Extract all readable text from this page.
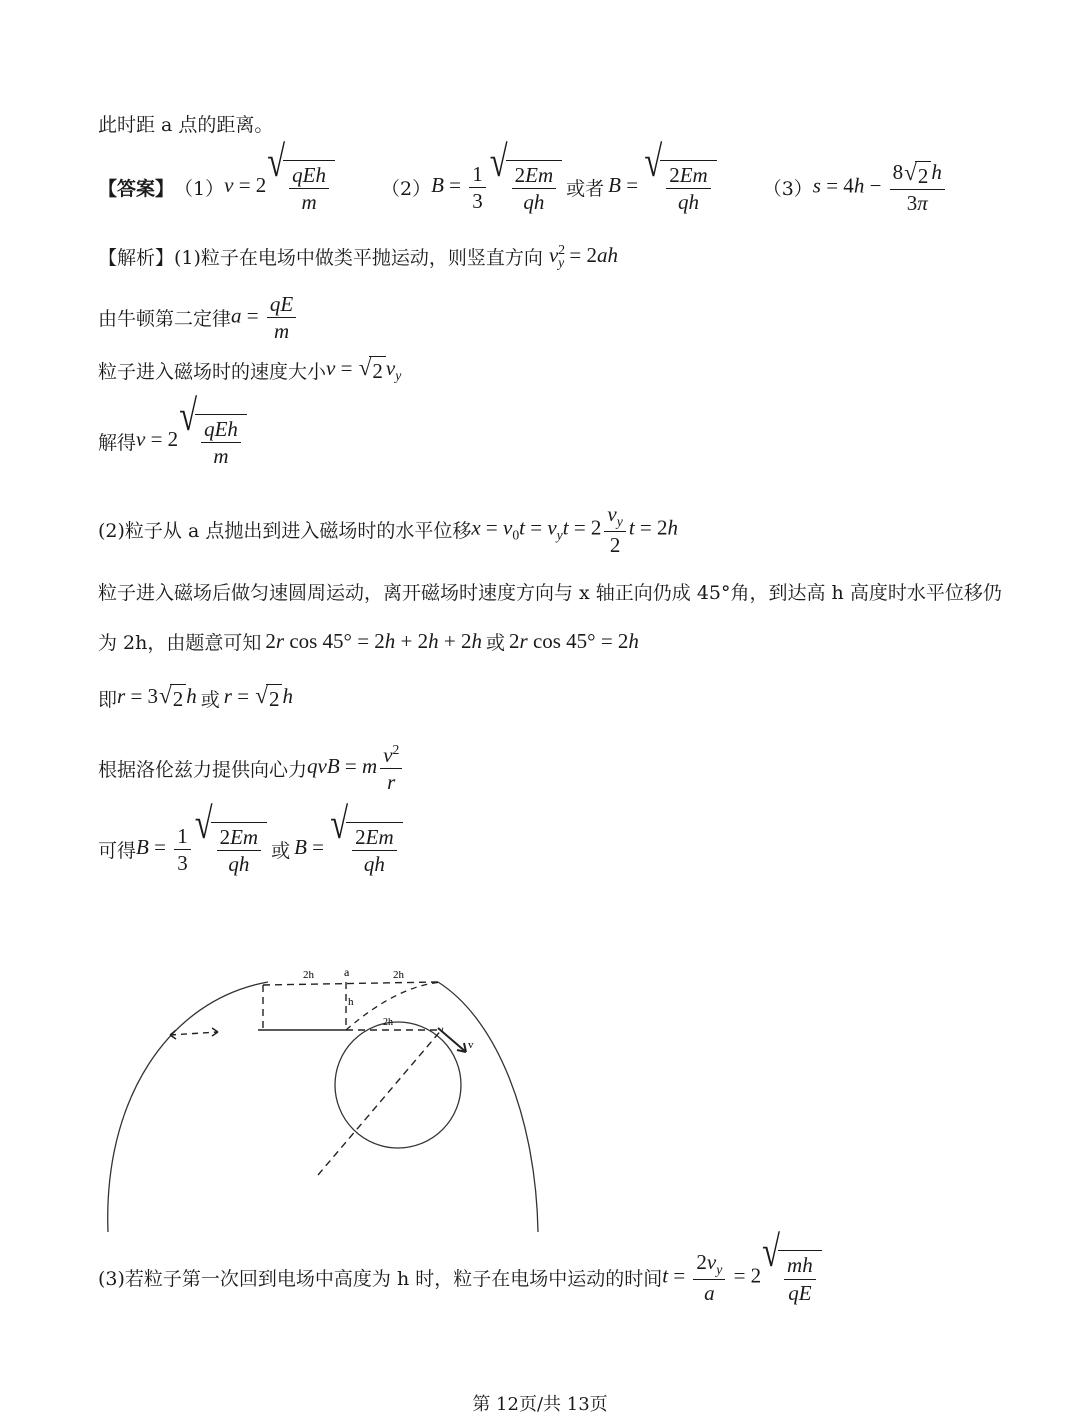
此时距 a 点的距离。
【答案】 （1） v = 2 √
$\frac{\text{qEh}}{m}$	（2） $B = \frac{1}{3}$ √
$\frac{2Em}{qh}$ 或者 B = √
$\frac{2Em}{qh}$	（3） $s = 4h - \frac{8 √ 2 h}{3\pi}$
【解析】 (1)粒子在电场中做类平抛运动，则竖直方向 $v^2_y = 2ah$
由牛顿第二定律 $a = \frac{qE}{m}$
粒子进入磁场时的速度大小 v = √ 2 $v_y$
解得 v = 2 √
$\frac{\text{qEh}}{m}$
(2)粒子从 a 点抛出到进入磁场时的水平位移 $x = v_0t = v_yt = 2 \frac{v_y}{2}$ t = 2h
粒子进入磁场后做匀速圆周运动，离开磁场时速度方向与 x 轴正向仍成 45°角，到达高 h 高度时水平位移仍
为 2h，由题意可知 2r cos 45° = 2h + 2h + 2h 或 2r cos 45° = 2h
即 r = 3 √ 2 h 或 r = √ 2 h
根据洛伦兹力提供向心力 qvB = m $\frac{v^2}{r}$
可得 $B = \frac{1}{3}$ √
$\frac{2Em}{qh}$ 或 B = √
$\frac{2Em}{qh}$
2h	a	2h
h
2h
v
(3)若粒子第一次回到电场中高度为 h 时，粒子在电场中运动的时间 $t = \frac{2v_y}{a} = 2$ √
$\frac{mh}{qE}$
第 12页/共 13页
